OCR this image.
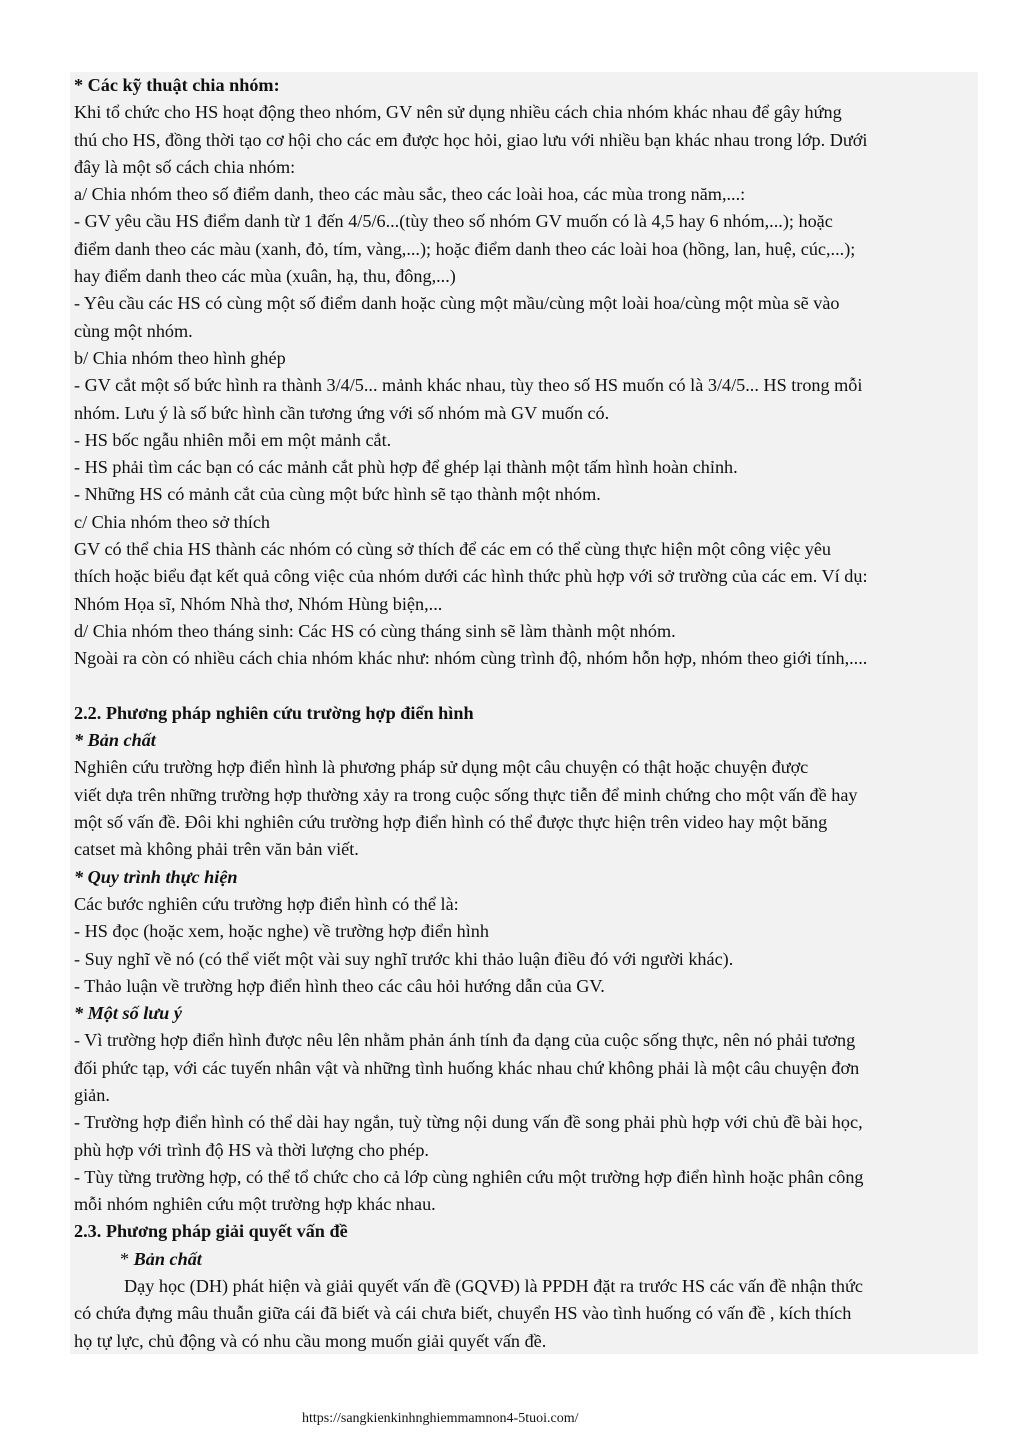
* Các kỹ thuật chia nhóm:
Khi tổ chức cho HS hoạt động theo nhóm, GV nên sử dụng nhiều cách chia nhóm khác nhau để gây hứng
thú cho HS, đồng thời tạo cơ hội cho các em được học hỏi, giao lưu với nhiều bạn khác nhau trong lớp. Dưới
đây là một số cách chia nhóm:
a/ Chia nhóm theo số điểm danh, theo các màu sắc, theo các loài hoa, các mùa trong năm,...:
- GV yêu cầu HS điểm danh từ 1 đến 4/5/6...(tùy theo số nhóm GV muốn có là 4,5 hay 6 nhóm,...); hoặc
điểm danh theo các màu (xanh, đỏ, tím, vàng,...); hoặc điểm danh theo các loài hoa (hồng, lan, huệ, cúc,...);
hay điểm danh theo các mùa (xuân, hạ, thu, đông,...)
- Yêu cầu các HS có cùng một số điểm danh hoặc cùng một mầu/cùng một loài hoa/cùng một mùa sẽ vào
cùng một nhóm.
b/ Chia nhóm theo hình ghép
- GV cắt một số bức hình ra thành 3/4/5... mảnh khác nhau, tùy theo số HS muốn có là 3/4/5... HS trong mỗi
nhóm. Lưu ý là số bức hình cần tương ứng với số nhóm mà GV muốn có.
- HS bốc ngẫu nhiên mỗi em một mảnh cắt.
- HS phải tìm các bạn có các mảnh cắt phù hợp để ghép lại thành một tấm hình hoàn chỉnh.
- Những HS có mảnh cắt của cùng một bức hình sẽ tạo thành một nhóm.
c/ Chia nhóm theo sở thích
GV có thể chia HS thành các nhóm có cùng sở thích để các em có thể cùng thực hiện một công việc yêu
thích hoặc biểu đạt kết quả công việc của nhóm dưới các hình thức phù hợp với sở trường của các em. Ví dụ:
Nhóm Họa sĩ, Nhóm Nhà thơ, Nhóm Hùng biện,...
d/ Chia nhóm theo tháng sinh: Các HS có cùng tháng sinh sẽ làm thành một nhóm.
Ngoài ra còn có nhiều cách chia nhóm khác như: nhóm cùng trình độ, nhóm hỗn hợp, nhóm theo giới tính,....
2.2. Phương pháp nghiên cứu trường hợp điển hình
* Bản chất
Nghiên cứu trường hợp điển hình là phương pháp sử dụng một câu chuyện có thật hoặc chuyện được
viết dựa trên những trường hợp thường xảy ra trong cuộc sống thực tiễn để minh chứng cho một vấn đề hay
một số vấn đề. Đôi khi nghiên cứu trường hợp điển hình có thể được thực hiện trên video hay một băng
catset mà không phải trên văn bản viết.
* Quy trình thực hiện
Các bước nghiên cứu trường hợp điển hình có thể là:
- HS đọc (hoặc xem, hoặc nghe) về trường hợp điển hình
- Suy nghĩ về nó (có thể viết một vài suy nghĩ trước khi thảo luận điều đó với người khác).
- Thảo luận về trường hợp điển hình theo các câu hỏi hướng dẫn của GV.
* Một số lưu ý
- Vì trường hợp điển hình được nêu lên nhằm phản ánh tính đa dạng của cuộc sống thực, nên nó phải tương
đối phức tạp, với các tuyến nhân vật và những tình huống khác nhau chứ không phải là một câu chuyện đơn
giản.
- Trường hợp điển hình có thể dài hay ngắn, tuỳ từng nội dung vấn đề song phải phù hợp với chủ đề bài học,
phù hợp với trình độ HS và thời lượng cho phép.
- Tùy từng trường hợp, có thể tổ chức cho cả lớp cùng nghiên cứu một trường hợp điển hình hoặc phân công
mỗi nhóm nghiên cứu một trường hợp khác nhau.
2.3. Phương pháp giải quyết vấn đề
* Bản chất
Dạy học (DH) phát hiện và giải quyết vấn đề (GQVĐ) là PPDH đặt ra trước HS các vấn đề nhận thức
có chứa đựng mâu thuẫn giữa cái đã biết và cái chưa biết, chuyển HS vào tình huống có vấn đề , kích thích
họ tự lực, chủ động và có nhu cầu mong muốn giải quyết vấn đề.
https://sangkienkinhnghiemmamnon4-5tuoi.com/
